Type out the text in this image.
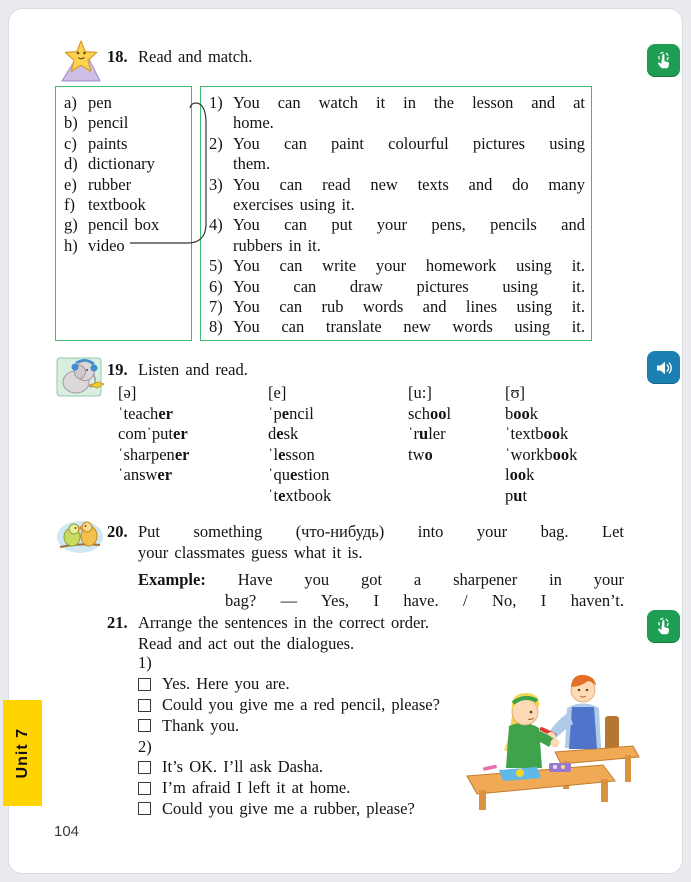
18. Read and match.
a) pen
b) pencil
c) paints
d) dictionary
e) rubber
f) textbook
g) pencil box
h) video
1) You can watch it in the lesson and at
home.
2) You can paint colourful pictures using
them.
3) You can read new texts and do many
exercises using it.
4) You can put your pens, pencils and
rubbers in it.
5) You can write your homework using it.
6) You can draw pictures using it.
7) You can rub words and lines using it.
8) You can translate new words using it.
19. Listen and read.
[ə]
ˈteacher
comˈputer
ˈsharpener
ˈanswer
[e]
ˈpencil
desk
ˈlesson
ˈquestion
ˈtextbook
[u:]
school
ˈruler
two
[ʊ]
book
ˈtextbook
ˈworkbook
look
put
20. Put something (что-нибудь) into your bag. Let
your classmates guess what it is.
Example: Have you got a sharpener in your
bag? — Yes, I have. / No, I haven’t.
21. Arrange the sentences in the correct order.
Read and act out the dialogues.
1)
Yes. Here you are.
Could you give me a red pencil, please?
Thank you.
2)
It’s OK. I’ll ask Dasha.
I’m afraid I left it at home.
Could you give me a rubber, please?
Unit 7
104
